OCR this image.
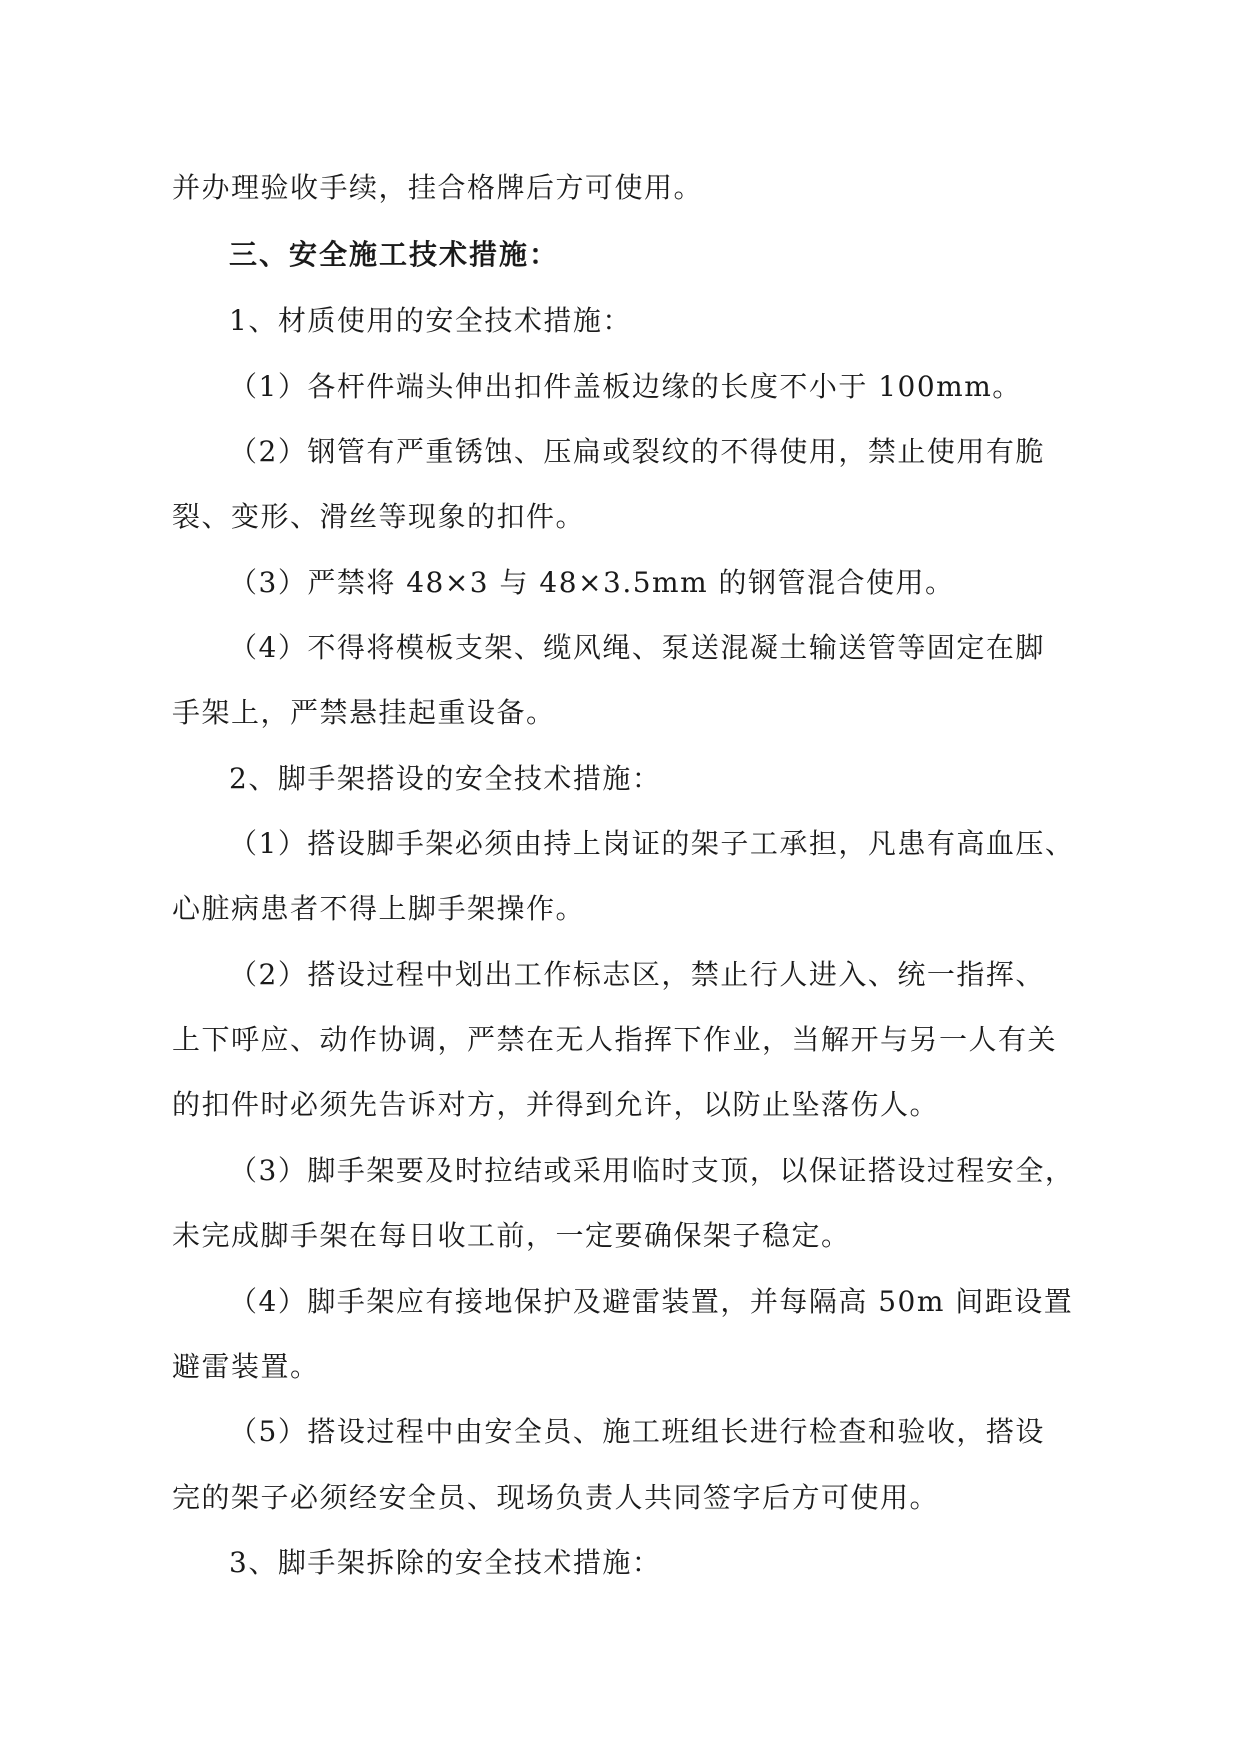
并办理验收手续，挂合格牌后方可使用。
三、安全施工技术措施：
1、材质使用的安全技术措施：
（1）各杆件端头伸出扣件盖板边缘的长度不小于 100mm。
（2）钢管有严重锈蚀、压扁或裂纹的不得使用，禁止使用有脆
裂、变形、滑丝等现象的扣件。
（3）严禁将 48×3 与 48×3.5mm 的钢管混合使用。
（4）不得将模板支架、缆风绳、泵送混凝土输送管等固定在脚
手架上，严禁悬挂起重设备。
2、脚手架搭设的安全技术措施：
（1）搭设脚手架必须由持上岗证的架子工承担，凡患有高血压、
心脏病患者不得上脚手架操作。
（2）搭设过程中划出工作标志区，禁止行人进入、统一指挥、
上下呼应、动作协调，严禁在无人指挥下作业，当解开与另一人有关
的扣件时必须先告诉对方，并得到允许，以防止坠落伤人。
（3）脚手架要及时拉结或采用临时支顶，以保证搭设过程安全，
未完成脚手架在每日收工前，一定要确保架子稳定。
（4）脚手架应有接地保护及避雷装置，并每隔高 50m 间距设置
避雷装置。
（5）搭设过程中由安全员、施工班组长进行检查和验收，搭设
完的架子必须经安全员、现场负责人共同签字后方可使用。
3、脚手架拆除的安全技术措施：
